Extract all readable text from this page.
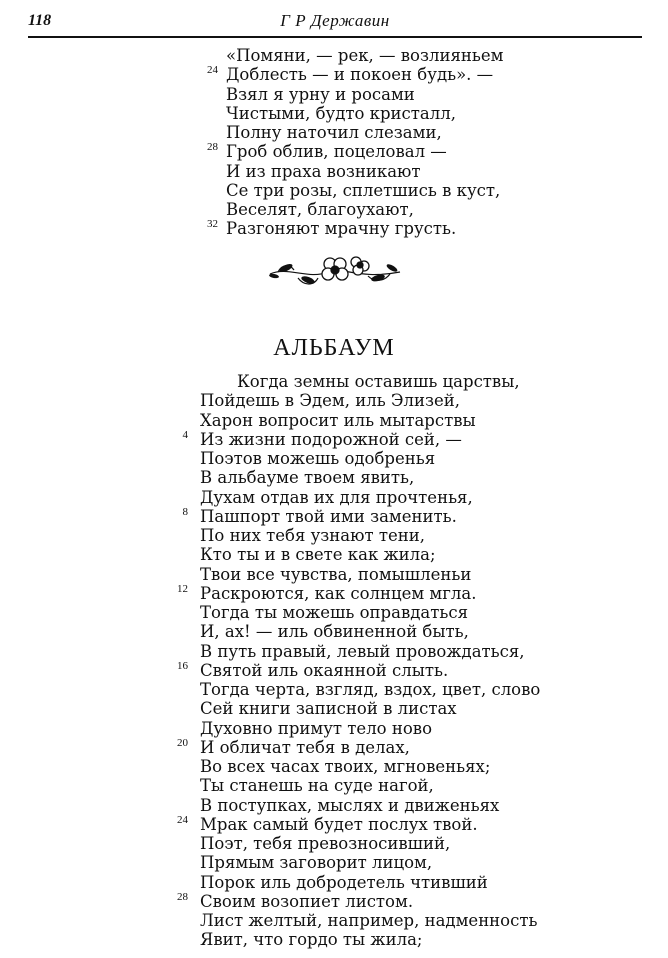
118	Г Р Державин
«Помяни, — рек, — возлияньем
24 Доблесть — и покоен будь». —
Взял я урну и росами
Чистыми, будто кристалл,
Полну наточил слезами,
28 Гроб облив, поцеловал —
И из праха возникают
Се три розы, сплетшись в куст,
Веселят, благоухают,
32 Разгоняют мрачну грусть.
АЛЬБАУМ
Когда земны оставишь царствы,
Пойдешь в Эдем, иль Элизей,
Харон вопросит иль мытарствы
4 Из жизни подорожной сей, —
Поэтов можешь одобренья
В альбауме твоем явить,
Духам отдав их для прочтенья,
8 Пашпорт твой ими заменить.
По них тебя узнают тени,
Кто ты и в свете как жила;
Твои все чувства, помышленьи
12 Раскроются, как солнцем мгла.
Тогда ты можешь оправдаться
И, ах! — иль обвиненной быть,
В путь правый, левый провождаться,
16 Святой иль окаянной слыть.
Тогда черта, взгляд, вздох, цвет, слово
Сей книги записной в листах
Духовно примут тело ново
20 И обличат тебя в делах,
Во всех часах твоих, мгновеньях;
Ты станешь на суде нагой,
В поступках, мыслях и движеньях
24 Мрак самый будет послух твой.
Поэт, тебя превозносивший,
Прямым заговорит лицом,
Порок иль добродетель чтивший
28 Своим возопиет листом.
Лист желтый, например, надменность
Явит, что гордо ты жила;
